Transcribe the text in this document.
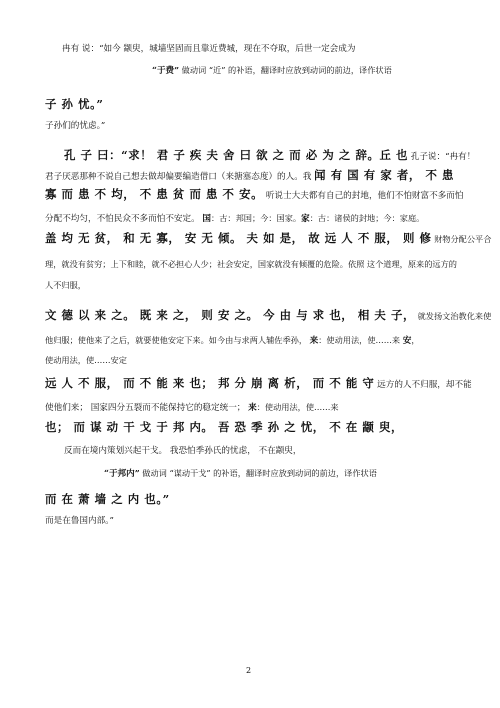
冉有 说：“如今 颛臾，城墙坚固而且靠近费城，现在不夺取，后世一定会成为
“于费” 做动词 “近” 的补语，翻译时应放到动词的前边，译作状语
子 孙 忧。”
子孙们的忧虑。”
孔 子 曰：“求！ 君 子 疾 夫 舍 曰 欲 之 而 必 为 之 辞。丘 也 孔子说：“冉有！
君子厌恶那种不说自己想去做却偏要编造借口（来搪塞态度）的人。我 闻 有 国 有 家 者， 不 患
寡 而 患 不 均， 不 患 贫 而 患 不 安。 听说士大夫都有自己的封地，他们不怕财富不多而怕
分配不均匀，不怕民众不多而怕不安定。 国：古：邦国；今：国家。家：古：诸侯的封地；今：家庭。
盖 均 无 贫， 和 无 寡， 安 无 倾。 夫 如 是， 故 远 人 不 服， 则 修 财物分配公平合
理，就没有贫穷；上下和睦，就不必担心人少；社会安定，国家就没有倾覆的危险。依照 这个道理，原来的远方的
人不归服，
文 德 以 来 之。 既 来 之， 则 安 之。 今 由 与 求 也， 相 夫 子， 就发扬文治教化来使
他归服；使他来了之后，就要使他安定下来。如今由与求两人辅佐季孙， 来：使动用法，使……来 安，
使动用法，使……安定
远 人 不 服， 而 不 能 来 也； 邦 分 崩 离 析， 而 不 能 守 远方的人不归服，却不能
使他们来； 国家四分五裂而不能保持它的稳定统一； 来：使动用法，使……来
也； 而 谋 动 干 戈 于 邦 内。 吾 恐 季 孙 之 忧， 不 在 颛 臾，
反而在境内策划兴起干戈。 我恐怕季孙氏的忧虑， 不在颛臾，
“于邦内” 做动词 “谋动干戈” 的补语，翻译时应放到动词的前边，译作状语
而 在 萧 墙 之 内 也。”
而是在鲁国内部。”
2
